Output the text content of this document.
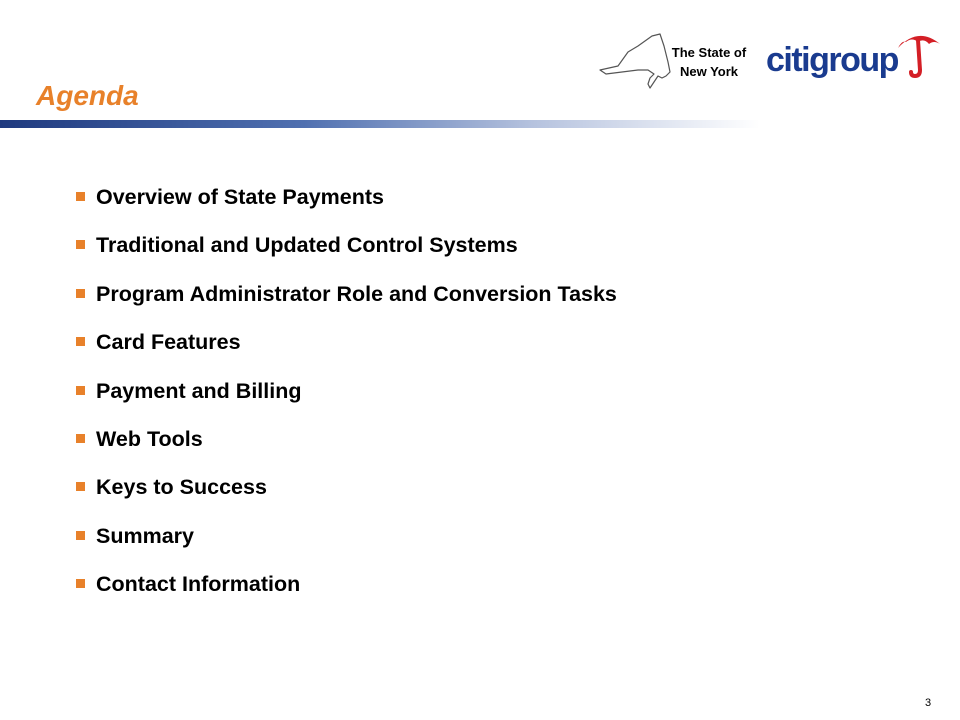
The State of
New York citigroup
Agenda
Overview of State Payments
Traditional and Updated Control Systems
Program Administrator Role and Conversion Tasks
Card Features
Payment and Billing
Web Tools
Keys to Success
Summary
Contact Information
3
